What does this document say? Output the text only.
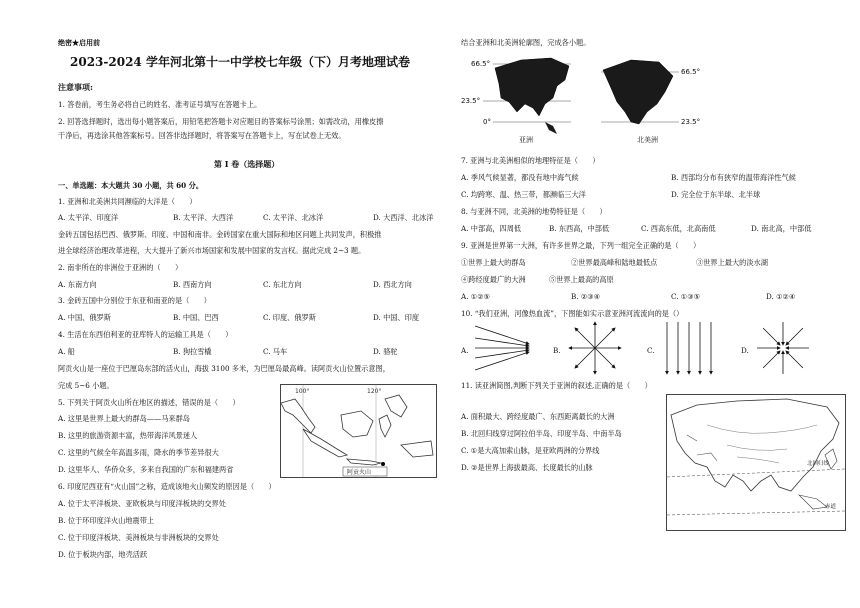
绝密★启用前
2023-2024 学年河北第十一中学校七年级（下）月考地理试卷
注意事项:
1. 答卷前，考生务必将自己的姓名、准考证号填写在答题卡上。
2. 回答选择题时，选出每小题答案后，用铅笔把答题卡对应题目的答案标号涂黑；如需改动，用橡皮擦
干净后，再选涂其他答案标号。回答非选择题时，将答案写在答题卡上，写在试卷上无效。
第 I 卷（选择题）
一、单选题：本大题共 30 小题，共 60 分。
1. 亚洲和北美洲共同濒临的大洋是（　　）
A. 太平洋、印度洋	B. 太平洋、大西洋	C. 太平洋、北冰洋	D. 大西洋、北冰洋
金砖五国包括巴西、俄罗斯、印度、中国和南非。金砖国家在重大国际和地区问题上共同发声，积极推
进全球经济治理改革进程，大大提升了新兴市场国家和发展中国家的发言权。据此完成 2~3 题。
2. 南非所在的非洲位于亚洲的（　　）
A. 东南方向	B. 西南方向	C. 东北方向	D. 西北方向
3. 金砖五国中分别位于东亚和南亚的是（　　）
A. 中国、俄罗斯	B. 中国、巴西	C. 印度、俄罗斯	D. 中国、印度
4. 生活在东西伯利亚的亚库特人的运输工具是（　　）
A. 船	B. 狗拉雪橇	C. 马车	D. 骆驼
阿贡火山是一座位于巴厘岛东部的活火山，海拔 3100 多米，为巴厘岛最高峰。读阿贡火山位置示意图，
完成 5~6 小题。
5. 下列关于阿贡火山所在地区的描述，错误的是（　　）
A. 这里是世界上最大的群岛——马来群岛
B. 这里的旅游资源丰富，热带海洋风景迷人
C. 这里的气候全年高温多雨，降水的季节差异很大
D. 这里华人、华侨众多，多来自我国的广东和福建两省
6. 印度尼西亚有“火山国”之称，造成该地火山频发的原因是（　　）
A. 位于太平洋板块、亚欧板块与印度洋板块的交界处
B. 位于环印度洋火山地震带上
C. 位于印度洋板块、美洲板块与非洲板块的交界处
D. 位于板块内部，地壳活跃
100°	120°
阿贡火山
结合亚洲和北美洲轮廓图，完成各小题。
66.5°
23.5°
0°
亚洲
66.5°
23.5°
北美洲
7. 亚洲与北美洲相似的地理特征是（　　）
A. 季风气候显著，都没有地中海气候	B. 西部均分布有狭窄的温带海洋性气候
C. 均跨寒、温、热三带，都濒临三大洋	D. 完全位于东半球、北半球
8. 与亚洲不同，北美洲的地势特征是（　　）
A. 中部高，四周低	B. 东西高，中部低	C. 西高东低，北高南低	D. 南北高，中部低
9. 亚洲是世界第一大洲，有许多世界之最，下列一组完全正确的是（　　）
①世界上最大的群岛	②世界最高峰和陆地最低点	③世界上最大的淡水湖
④跨经度最广的大洲	⑤世界上最高的高原
A. ①②⑤	B. ②③④	C. ①③⑤	D. ①②④
10. “我们亚洲，河像热血流”，下图能如实示意亚洲河流流向的是（）
A.	B.	C.	D.
11. 读亚洲简图,判断下列关于亚洲的叙述,正确的是（　　）
A. 面积最大、跨经度最广、东西距离最长的大洲
B. 北回归线穿过阿拉伯半岛、印度半岛、中南半岛
C. ①是大高加索山脉，是亚欧两洲的分界线
D. ②是世界上海拔最高、长度最长的山脉	北回归线
赤道
